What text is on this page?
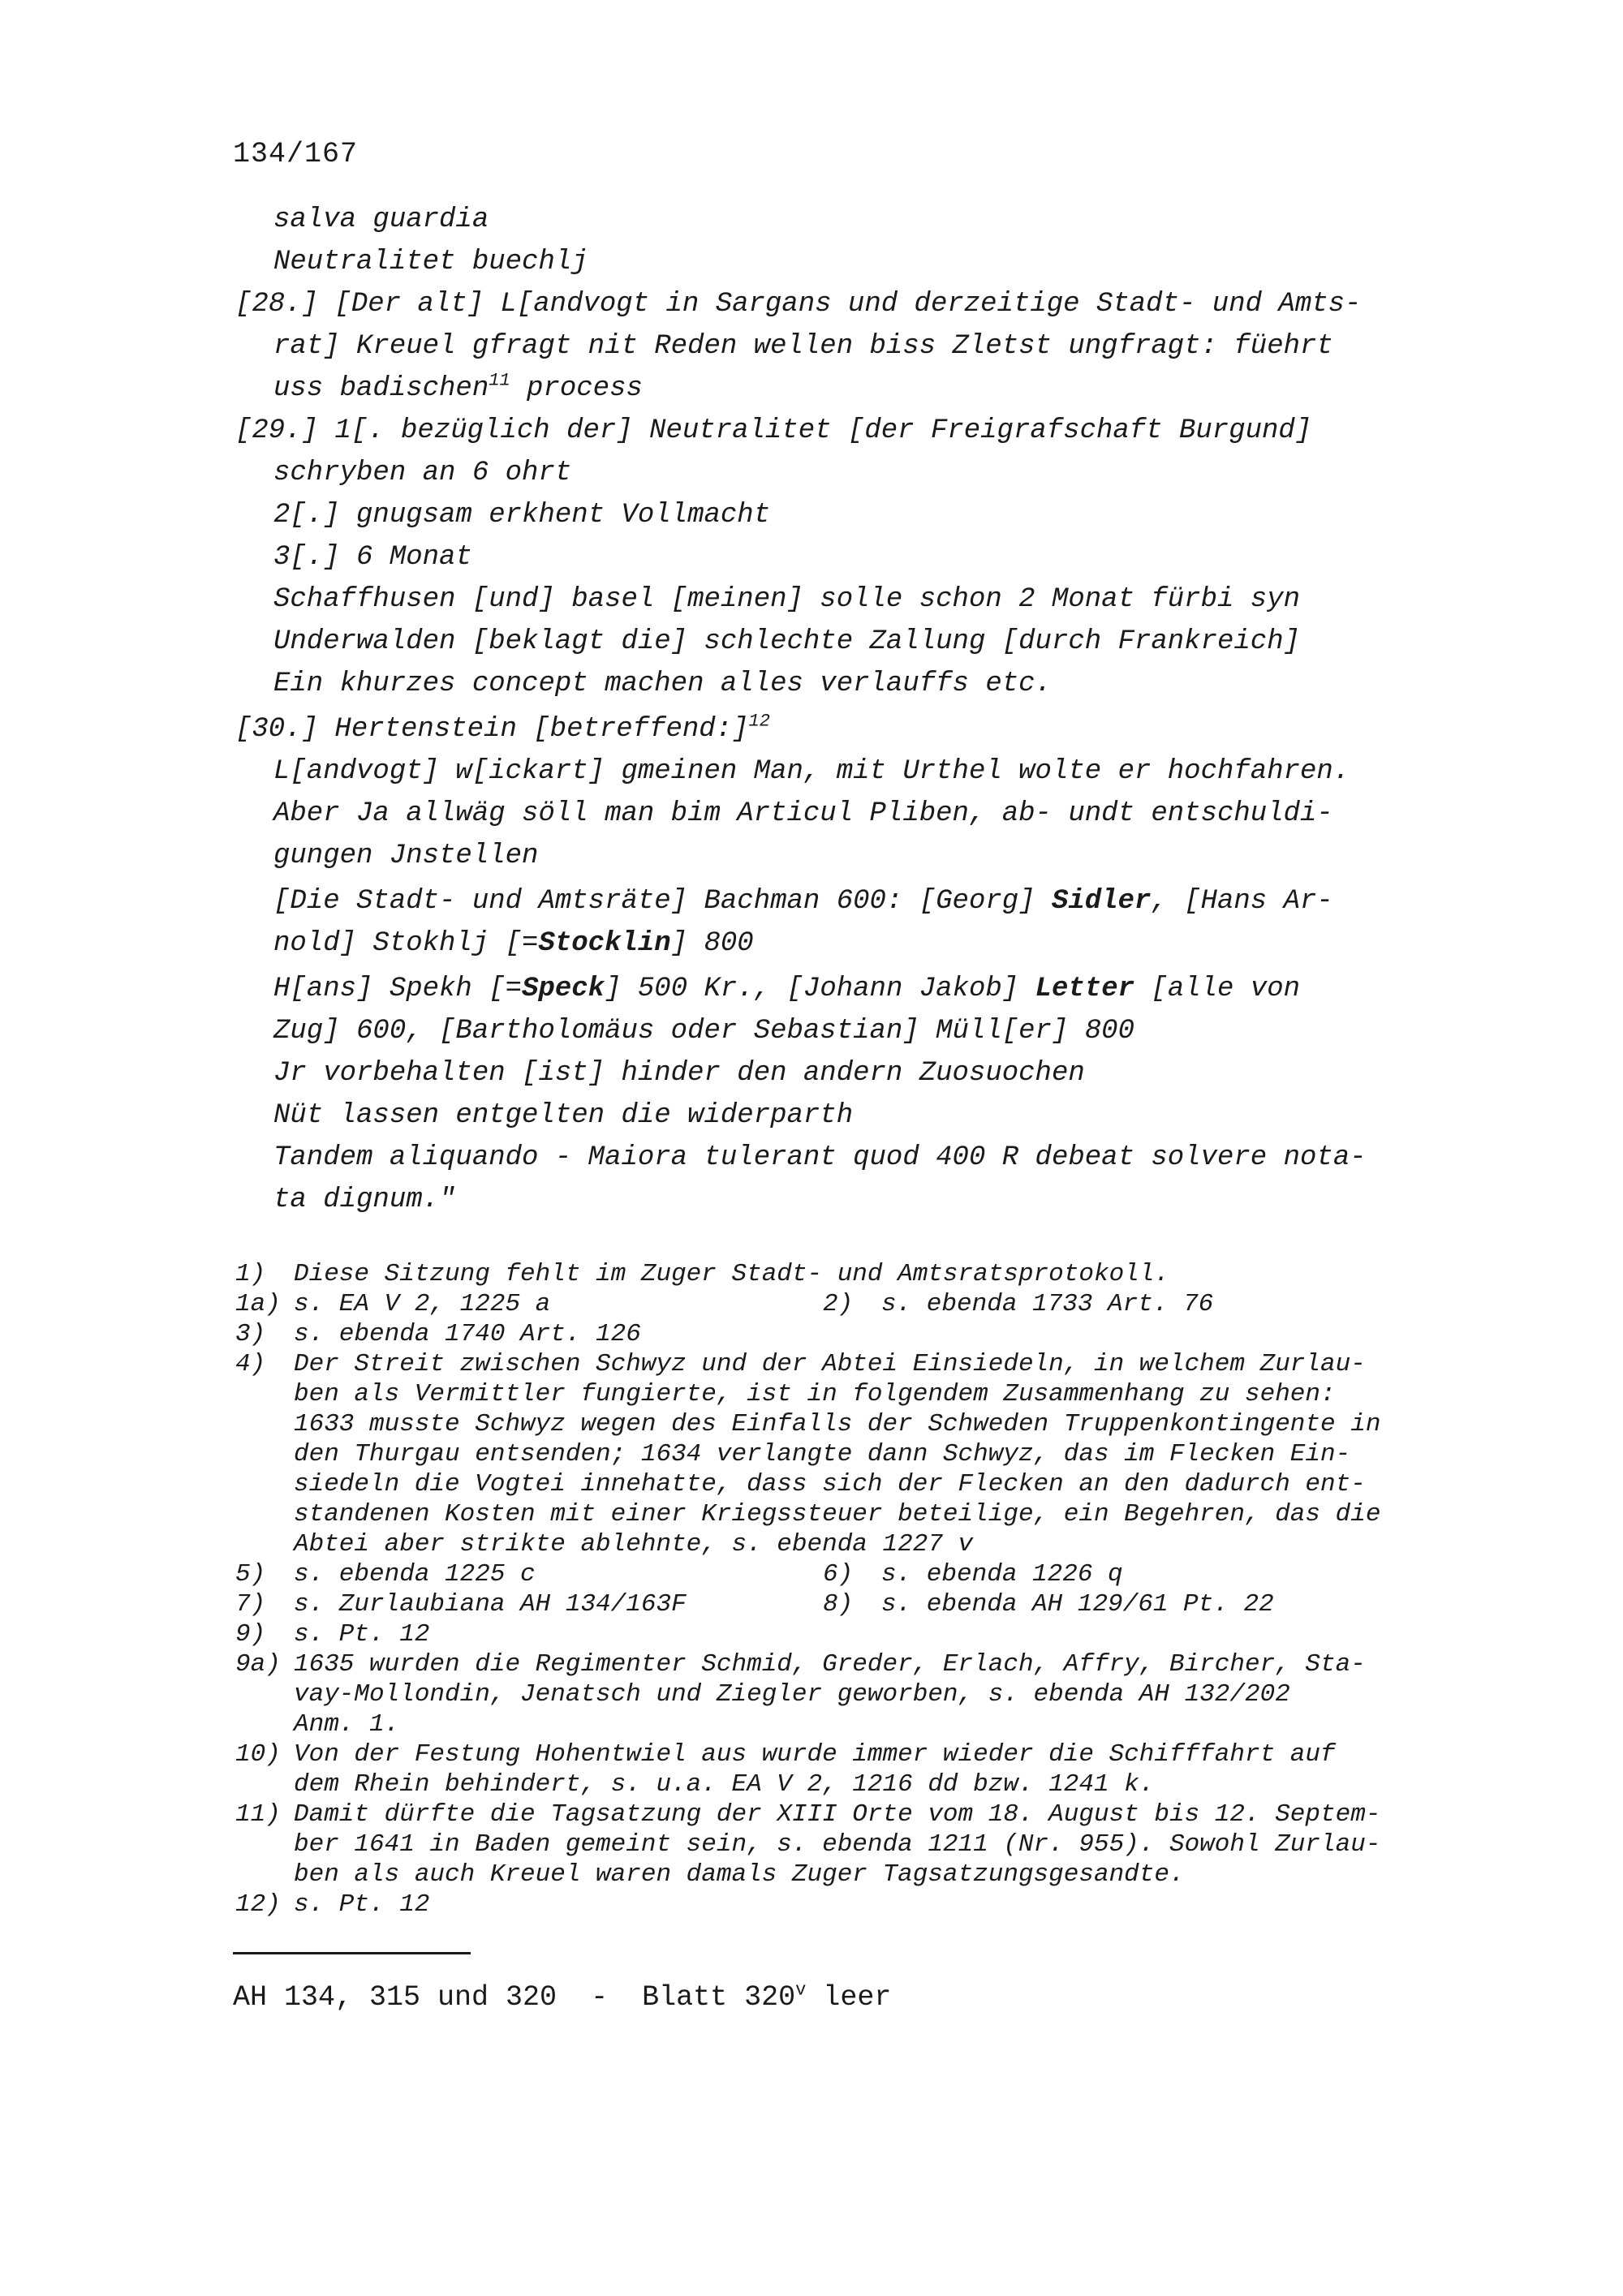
134/167
salva guardia
Neutralitet buechlj
[28.] [Der alt] L[andvogt in Sargans und derzeitige Stadt- und Amts-
rat] Kreuel gfragt nit Reden wellen biss Zletst ungfragt: füehrt
uss badischen$^{11}$ process
[29.] 1[. bezüglich der] Neutralitet [der Freigrafschaft Burgund]
schryben an 6 ohrt
2[.] gnugsam erkhent Vollmacht
3[.] 6 Monat
Schaffhusen [und] basel [meinen] solle schon 2 Monat fürbi syn
Underwalden [beklagt die] schlechte Zallung [durch Frankreich]
Ein khurzes concept machen alles verlauffs etc.
[30.] Hertenstein [betreffend:]$^{12}$
L[andvogt] w[ickart] gmeinen Man, mit Urthel wolte er hochfahren.
Aber Ja allwäg söll man bim Articul Pliben, ab- undt entschuldi-
gungen Jnstellen
[Die Stadt- und Amtsräte] Bachman 600: [Georg] Sidler, [Hans Ar-
nold] Stokhlj [=Stocklin] 800
H[ans] Spekh [=Speck] 500 Kr., [Johann Jakob] Letter [alle von
Zug] 600, [Bartholomäus oder Sebastian] Müll[er] 800
Jr vorbehalten [ist] hinder den andern Zuosuochen
Nüt lassen entgelten die widerparth
Tandem aliquando - Maiora tulerant quod 400 R debeat solvere nota-
ta dignum."
1)	Diese Sitzung fehlt im Zuger Stadt- und Amtsratsprotokoll.
1a) s. EA V 2, 1225 a	2)	s. ebenda 1733 Art. 76
3)	s. ebenda 1740 Art. 126
4)	Der Streit zwischen Schwyz und der Abtei Einsiedeln, in welchem Zurlau-
ben als Vermittler fungierte, ist in folgendem Zusammenhang zu sehen:
1633 musste Schwyz wegen des Einfalls der Schweden Truppenkontingente in
den Thurgau entsenden; 1634 verlangte dann Schwyz, das im Flecken Ein-
siedeln die Vogtei innehatte, dass sich der Flecken an den dadurch ent-
standenen Kosten mit einer Kriegssteuer beteilige, ein Begehren, das die
Abtei aber strikte ablehnte, s. ebenda 1227 v
5)	s. ebenda 1225 c	6)	s. ebenda 1226 q
7)	s. Zurlaubiana AH 134/163F	8)	s. ebenda AH 129/61 Pt. 22
9)	s. Pt. 12
9a) 1635 wurden die Regimenter Schmid, Greder, Erlach, Affry, Bircher, Sta-
vay-Mollondin, Jenatsch und Ziegler geworben, s. ebenda AH 132/202
Anm. 1.
10) Von der Festung Hohentwiel aus wurde immer wieder die Schifffahrt auf
dem Rhein behindert, s. u.a. EA V 2, 1216 dd bzw. 1241 k.
11) Damit dürfte die Tagsatzung der XIII Orte vom 18. August bis 12. Septem-
ber 1641 in Baden gemeint sein, s. ebenda 1211 (Nr. 955). Sowohl Zurlau-
ben als auch Kreuel waren damals Zuger Tagsatzungsgesandte.
12) s. Pt. 12
AH 134, 315 und 320  -  Blatt 320$^v$ leer
